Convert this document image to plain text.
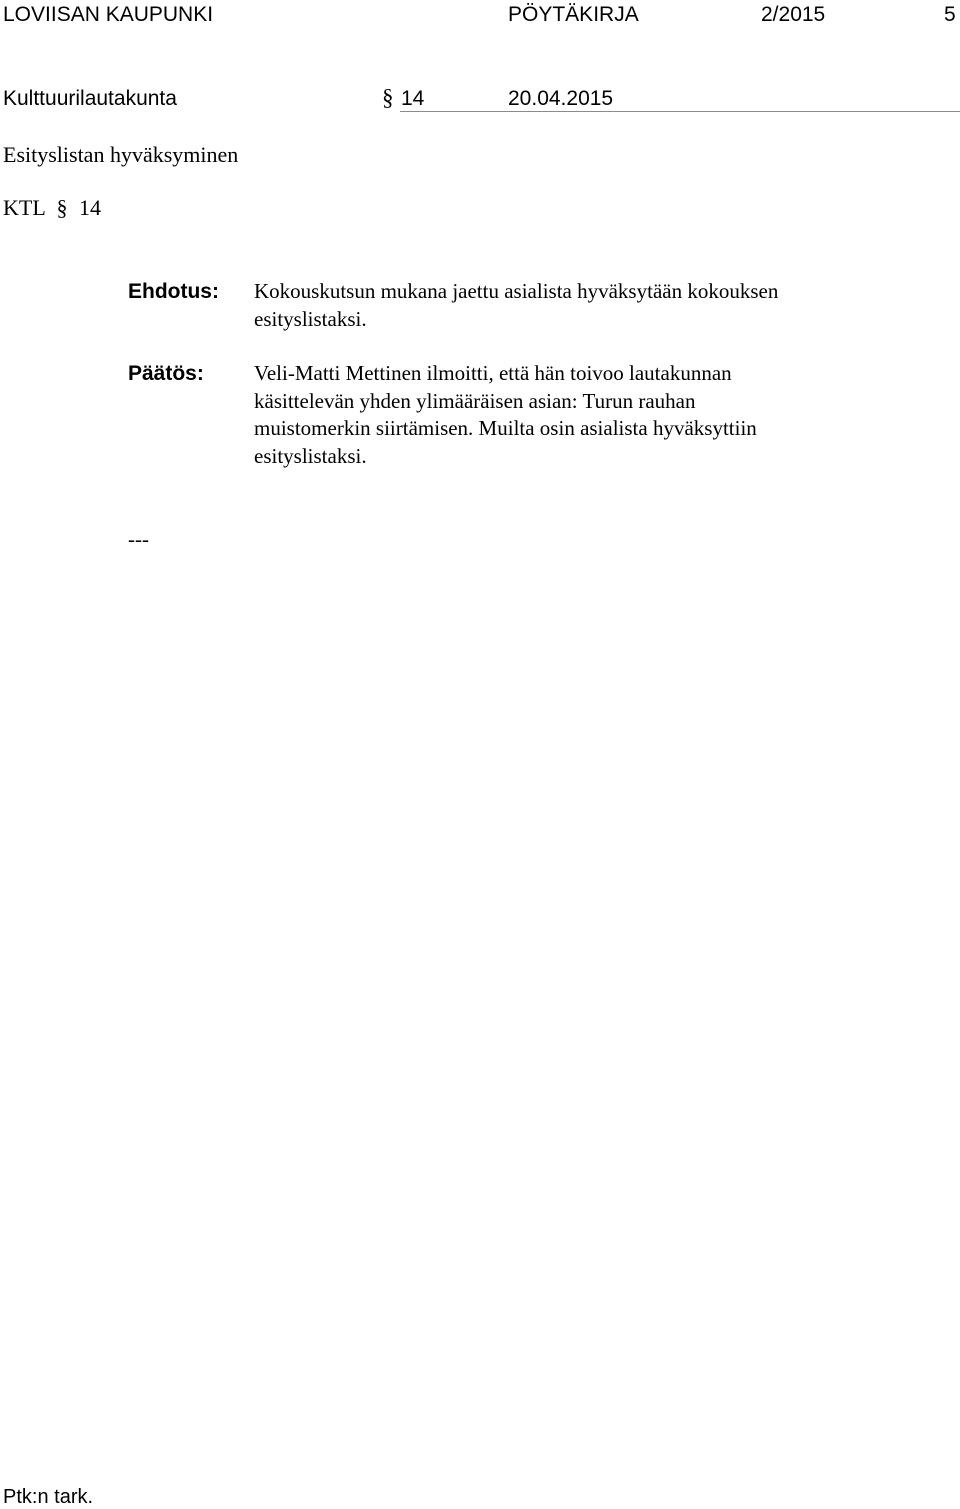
LOVIISAN KAUPUNKI	PÖYTÄKIRJA	2/2015	5
Kulttuurilautakunta	§ 14	20.04.2015
Esityslistan hyväksyminen
KTL § 14
Ehdotus: Kokouskutsun mukana jaettu asialista hyväksytään kokouksen
esityslistaksi.
Päätös: Veli-Matti Mettinen ilmoitti, että hän toivoo lautakunnan
käsittelevän yhden ylimääräisen asian: Turun rauhan
muistomerkin siirtämisen. Muilta osin asialista hyväksyttiin
esityslistaksi.
---
Ptk:n tark.
